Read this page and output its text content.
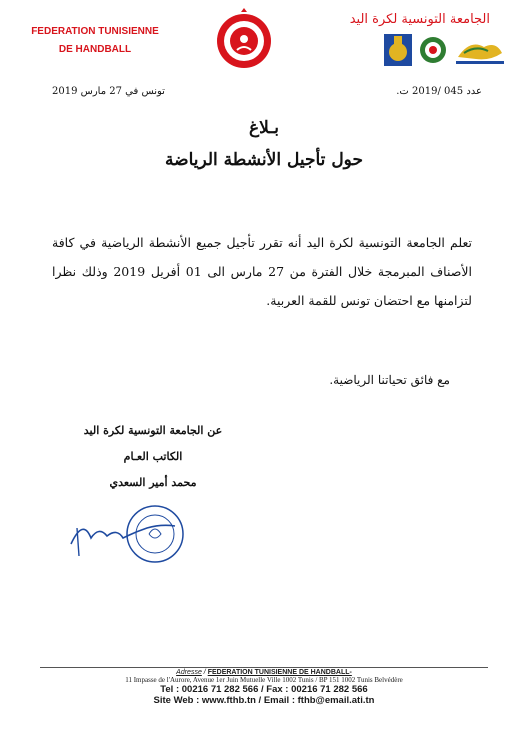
FEDERATION TUNISIENNE
DE HANDBALL
الجامعة التونسية لكرة اليد
تونس في 27 مارس 2019	عدد 045 /2019 ت.
بـلاغ
حول تأجيل الأنشطة الرياضة
تعلم الجامعة التونسية لكرة اليد أنه تقرر تأجيل جميع الأنشطة الرياضية في كافة الأصناف المبرمجة خلال الفترة من 27 مارس الى 01 أفريل 2019 وذلك نظرا لتزامنها مع احتضان تونس للقمة العربية.
مع فائق تحياتنا الرياضية.
عن الجامعة التونسية لكرة اليد
الكاتب العـام
محمد أمير السعدي
Adresse / FEDERATION TUNISIENNE DE HANDBALL-
11 Impasse de l'Aurore, Avenue 1er Juin Mutuelle Ville 1002 Tunis / BP 151 1002 Tunis Belvédère
Tel : 00216 71 282 566 / Fax : 00216 71 282 566
Site Web : www.fthb.tn / Email : fthb@email.ati.tn
